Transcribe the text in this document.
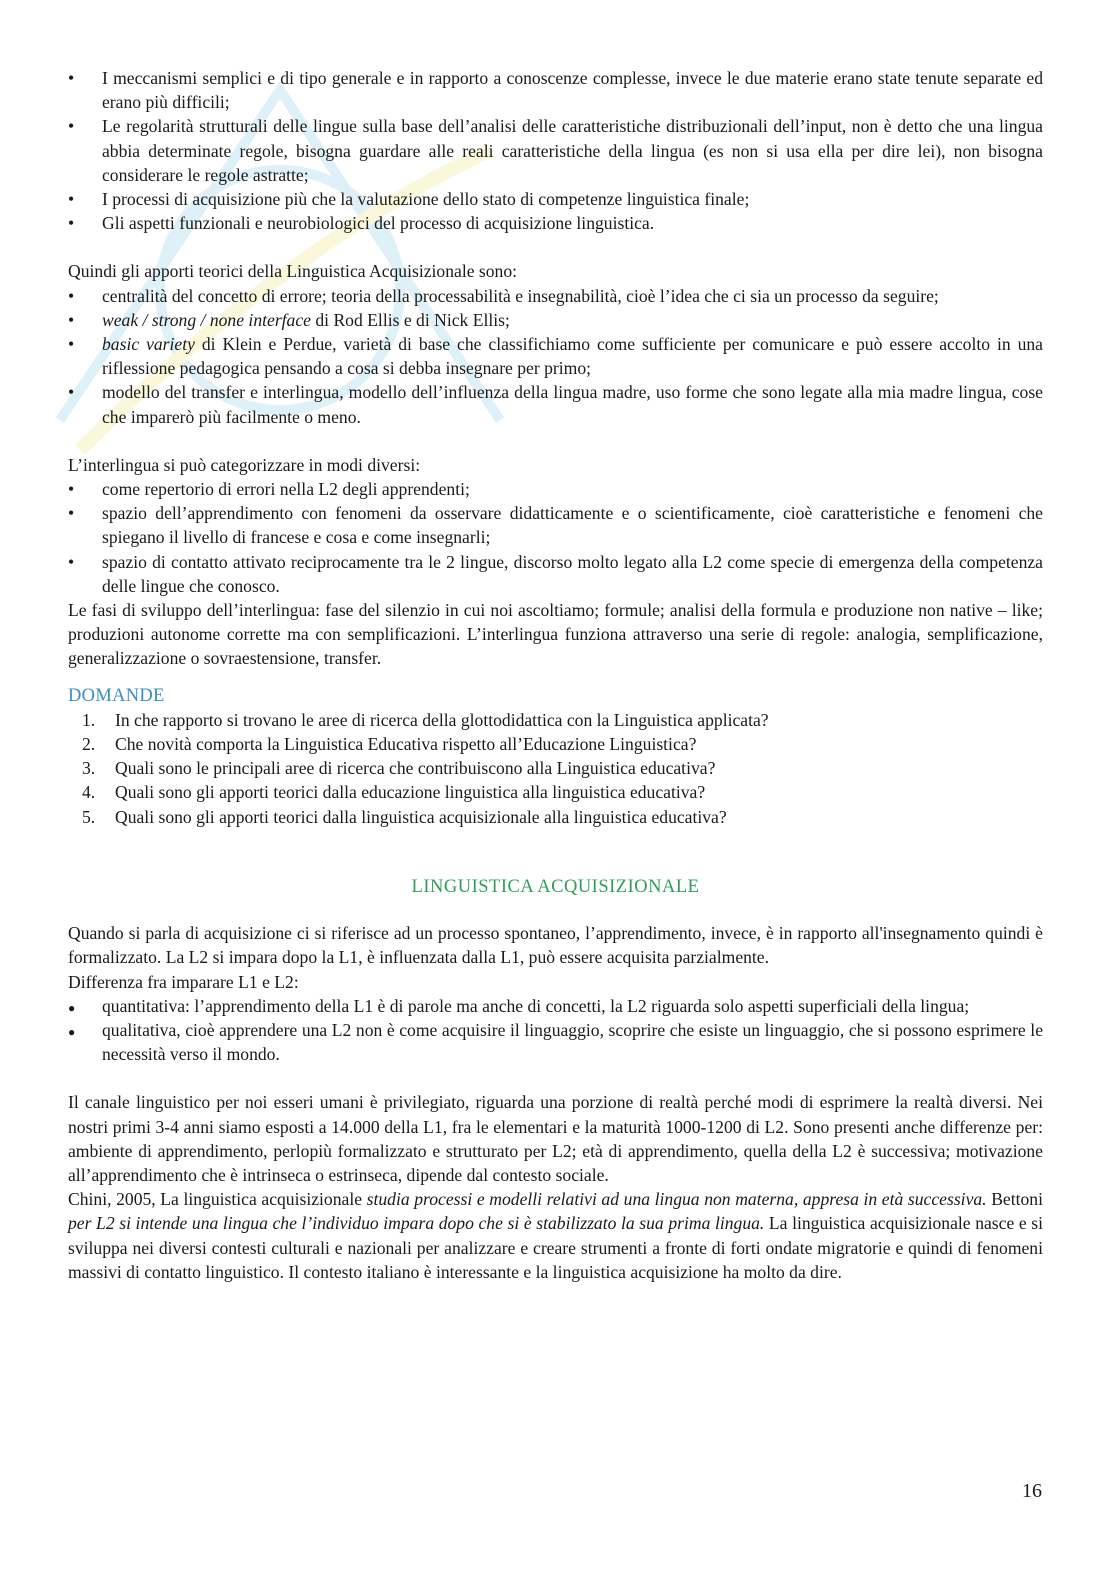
•
I meccanismi semplici e di tipo generale e in rapporto a conoscenze complesse, invece le due materie erano state tenute separate ed erano più difficili;
•
Le regolarità strutturali delle lingue sulla base dell’analisi delle caratteristiche distribuzionali dell’input, non è detto che una lingua abbia determinate regole, bisogna guardare alle reali caratteristiche della lingua (es non si usa ella per dire lei), non bisogna considerare le regole astratte;
•
I processi di acquisizione più che la valutazione dello stato di competenze linguistica finale;
•
Gli aspetti funzionali e neurobiologici del processo di acquisizione linguistica.

Quindi gli apporti teorici della Linguistica Acquisizionale sono:

•
centralità del concetto di errore; teoria della processabilità e insegnabilità, cioè l’idea che ci sia un processo da seguire;
•
weak / strong / none interface di Rod Ellis e di Nick Ellis;
•
basic variety di Klein e Perdue, varietà di base che classifichiamo come sufficiente per comunicare e può essere accolto in una riflessione pedagogica pensando a cosa si debba insegnare per primo;
•
modello del transfer e interlingua, modello dell’influenza della lingua madre, uso forme che sono legate alla mia madre lingua, cose che imparerò più facilmente o meno.

L’interlingua si può categorizzare in modi diversi:

•
come repertorio di errori nella L2 degli apprendenti;
•
spazio dell’apprendimento con fenomeni da osservare didatticamente e o scientificamente, cioè caratteristiche e fenomeni che spiegano il livello di francese e cosa e come insegnarli;
•
spazio di contatto attivato reciprocamente tra le 2 lingue, discorso molto legato alla L2 come specie di emergenza della competenza delle lingue che conosco.

Le fasi di sviluppo dell’interlingua: fase del silenzio in cui noi ascoltiamo; formule; analisi della formula e produzione non native – like; produzioni autonome corrette ma con semplificazioni. L’interlingua funziona attraverso una serie di regole: analogia, semplificazione, generalizzazione o sovraestensione, transfer.

DOMANDE
1. In che rapporto si trovano le aree di ricerca della glottodidattica con la Linguistica applicata?
2. Che novità comporta la Linguistica Educativa rispetto all’Educazione Linguistica?
3. Quali sono le principali aree di ricerca che contribuiscono alla Linguistica educativa?
4. Quali sono gli apporti teorici dalla educazione linguistica alla linguistica educativa?
5. Quali sono gli apporti teorici dalla linguistica acquisizionale alla linguistica educativa?
LINGUISTICA ACQUISIZIONALE

Quando si parla di acquisizione ci si riferisce ad un processo spontaneo, l’apprendimento, invece, è in rapporto all'insegnamento quindi è formalizzato. La L2 si impara dopo la L1, è influenzata dalla L1, può essere acquisita parzialmente.

Differenza fra imparare L1 e L2:

●
quantitativa: l’apprendimento della L1 è di parole ma anche di concetti, la L2 riguarda solo aspetti superficiali della lingua;
●
qualitativa, cioè apprendere una L2 non è come acquisire il linguaggio, scoprire che esiste un linguaggio, che si possono esprimere le necessità verso il mondo.

Il canale linguistico per noi esseri umani è privilegiato, riguarda una porzione di realtà perché modi di esprimere la realtà diversi. Nei nostri primi 3-4 anni siamo esposti a 14.000 della L1, fra le elementari e la maturità 1000-1200 di L2. Sono presenti anche differenze per: ambiente di apprendimento, perlopiù formalizzato e strutturato per L2; età di apprendimento, quella della L2 è successiva; motivazione all’apprendimento che è intrinseca o estrinseca, dipende dal contesto sociale.

Chini, 2005, La linguistica acquisizionale studia processi e modelli relativi ad una lingua non materna, appresa in età successiva. Bettoni per L2 si intende una lingua che l’individuo impara dopo che si è stabilizzato la sua prima lingua. La linguistica acquisizionale nasce e si sviluppa nei diversi contesti culturali e nazionali per analizzare e creare strumenti a fronte di forti ondate migratorie e quindi di fenomeni massivi di contatto linguistico. Il contesto italiano è interessante e la linguistica acquisizione ha molto da dire.

16
